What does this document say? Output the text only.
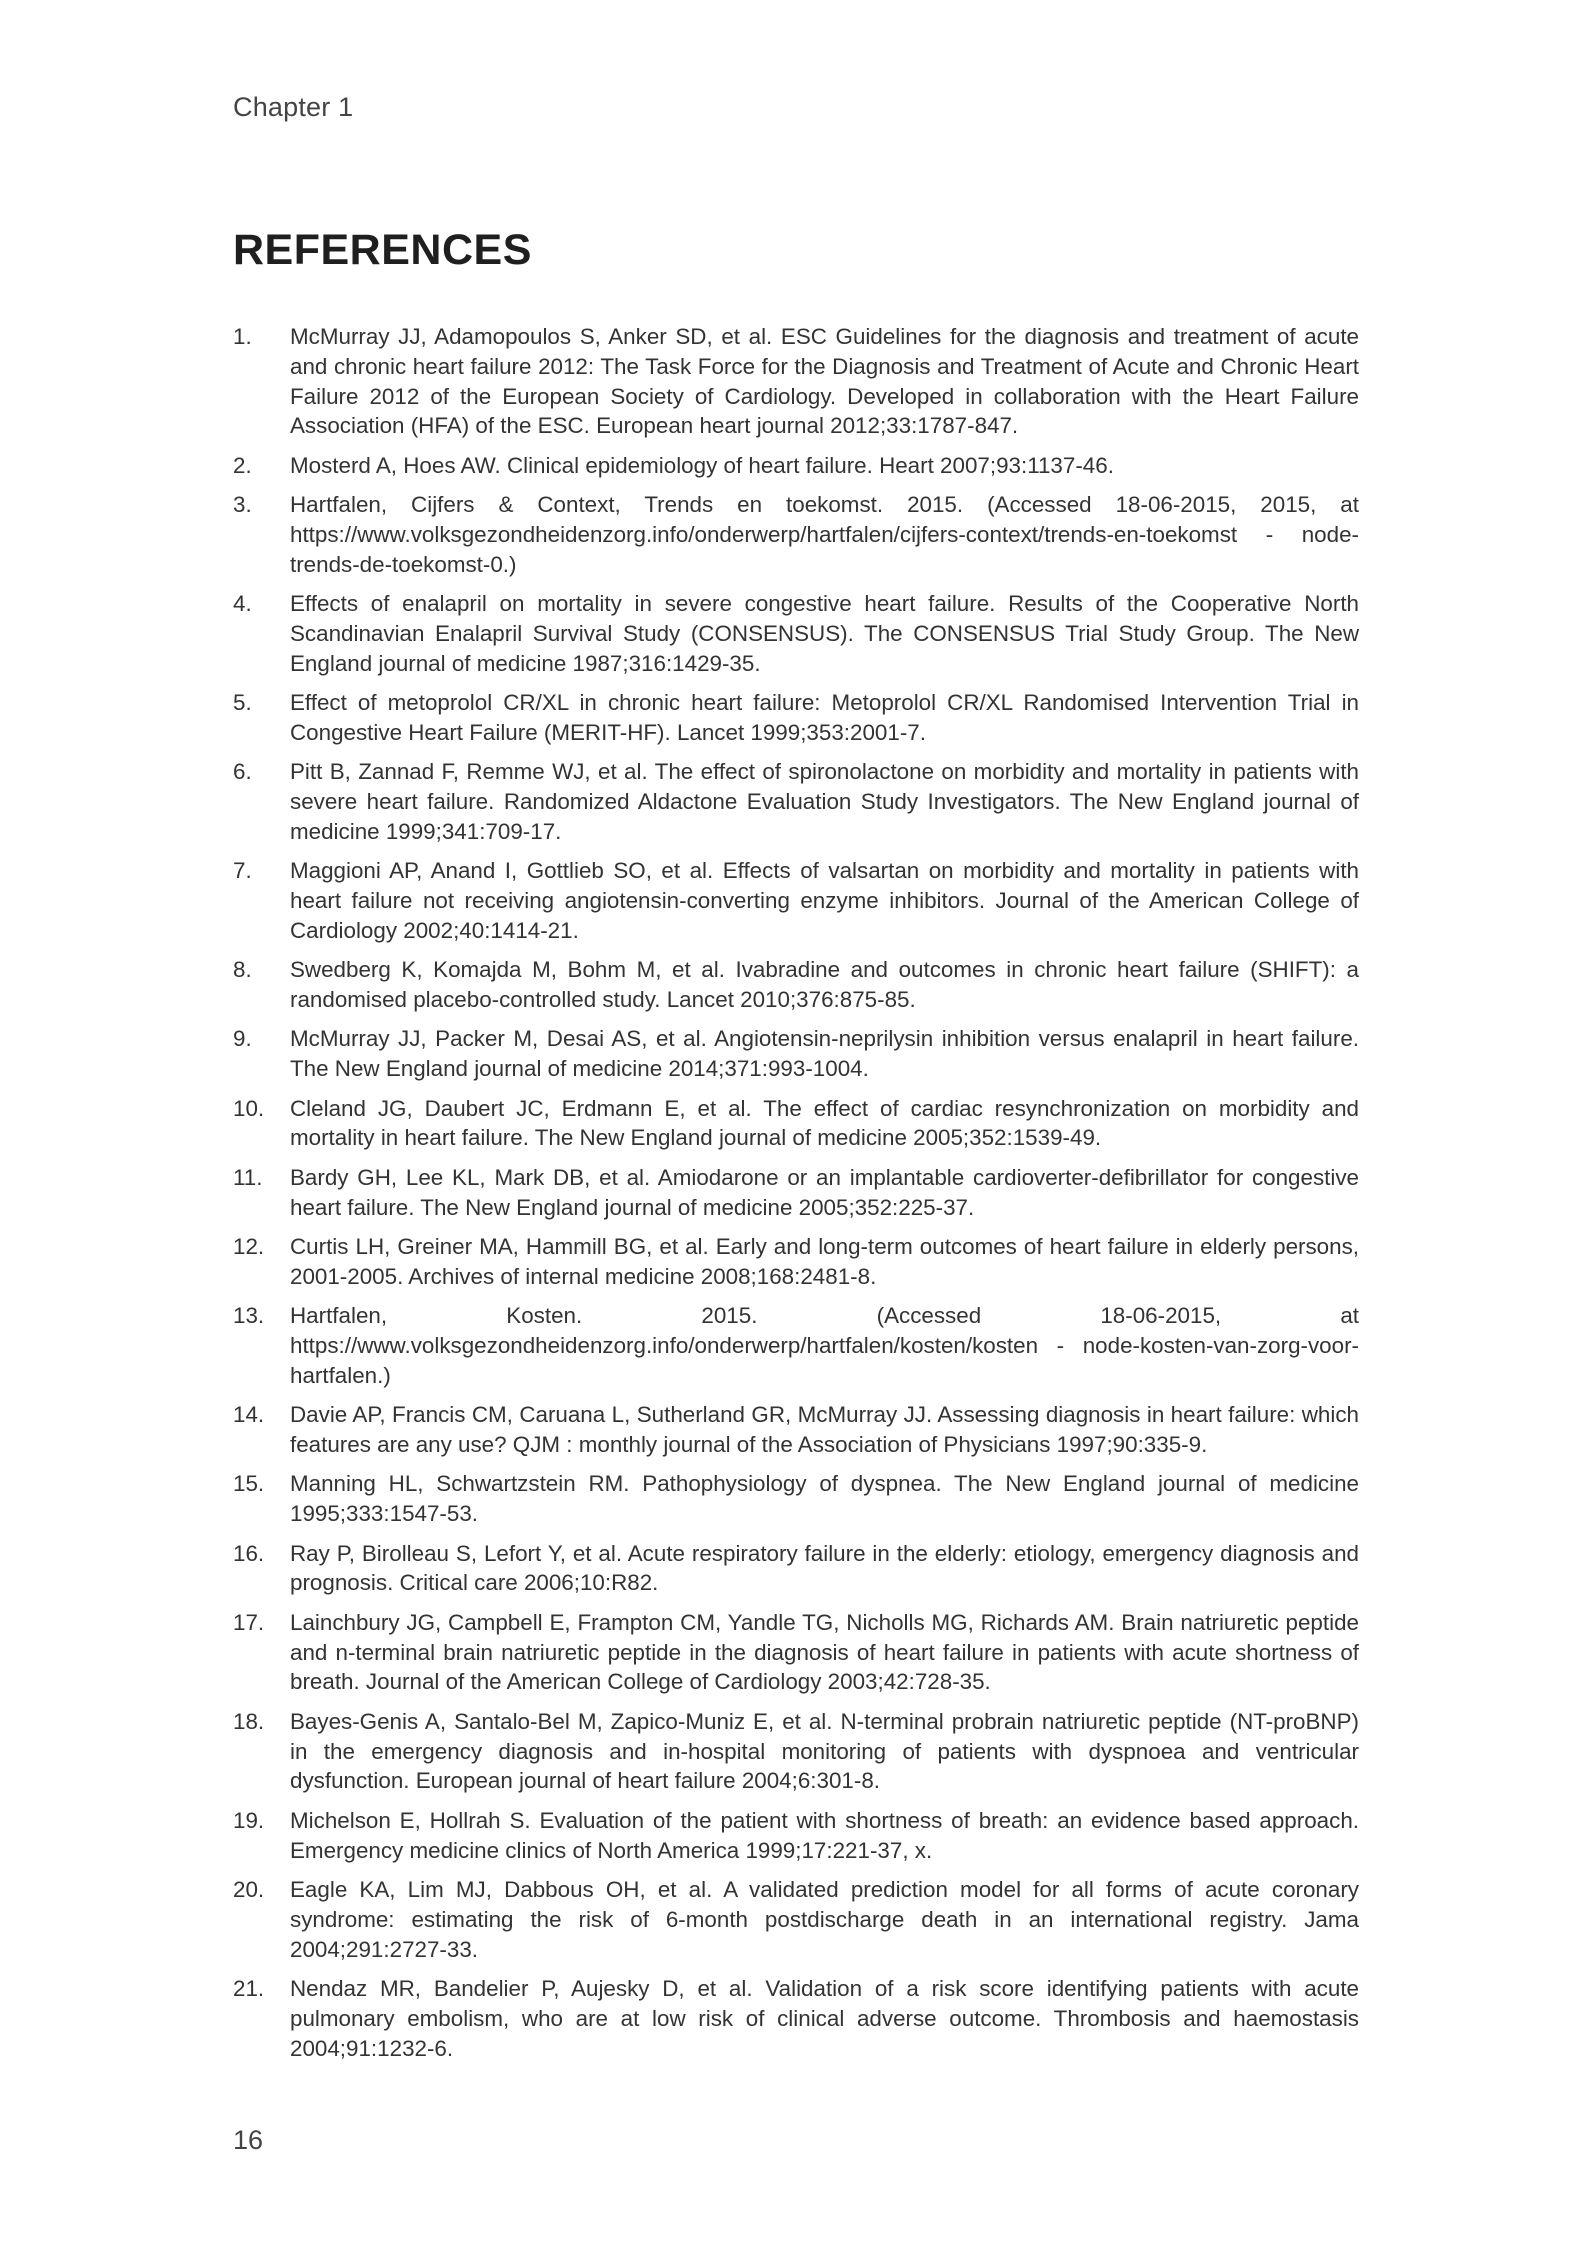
Chapter 1
REFERENCES
1.	McMurray JJ, Adamopoulos S, Anker SD, et al. ESC Guidelines for the diagnosis and treatment of acute and chronic heart failure 2012: The Task Force for the Diagnosis and Treatment of Acute and Chronic Heart Failure 2012 of the European Society of Cardiology. Developed in collaboration with the Heart Failure Association (HFA) of the ESC. European heart journal 2012;33:1787-847.
2.	Mosterd A, Hoes AW. Clinical epidemiology of heart failure. Heart 2007;93:1137-46.
3.	Hartfalen, Cijfers & Context, Trends en toekomst. 2015. (Accessed 18-06-2015, 2015, at https://www.volksgezondheidenzorg.info/onderwerp/hartfalen/cijfers-context/trends-en-toekomst - node-trends-de-toekomst-0.)
4.	Effects of enalapril on mortality in severe congestive heart failure. Results of the Cooperative North Scandinavian Enalapril Survival Study (CONSENSUS). The CONSENSUS Trial Study Group. The New England journal of medicine 1987;316:1429-35.
5.	Effect of metoprolol CR/XL in chronic heart failure: Metoprolol CR/XL Randomised Intervention Trial in Congestive Heart Failure (MERIT-HF). Lancet 1999;353:2001-7.
6.	Pitt B, Zannad F, Remme WJ, et al. The effect of spironolactone on morbidity and mortality in patients with severe heart failure. Randomized Aldactone Evaluation Study Investigators. The New England journal of medicine 1999;341:709-17.
7.	Maggioni AP, Anand I, Gottlieb SO, et al. Effects of valsartan on morbidity and mortality in patients with heart failure not receiving angiotensin-converting enzyme inhibitors. Journal of the American College of Cardiology 2002;40:1414-21.
8.	Swedberg K, Komajda M, Bohm M, et al. Ivabradine and outcomes in chronic heart failure (SHIFT): a randomised placebo-controlled study. Lancet 2010;376:875-85.
9.	McMurray JJ, Packer M, Desai AS, et al. Angiotensin-neprilysin inhibition versus enalapril in heart failure. The New England journal of medicine 2014;371:993-1004.
10.	Cleland JG, Daubert JC, Erdmann E, et al. The effect of cardiac resynchronization on morbidity and mortality in heart failure. The New England journal of medicine 2005;352:1539-49.
11.	Bardy GH, Lee KL, Mark DB, et al. Amiodarone or an implantable cardioverter-defibrillator for congestive heart failure. The New England journal of medicine 2005;352:225-37.
12.	Curtis LH, Greiner MA, Hammill BG, et al. Early and long-term outcomes of heart failure in elderly persons, 2001-2005. Archives of internal medicine 2008;168:2481-8.
13.	Hartfalen, Kosten. 2015. (Accessed 18-06-2015, at https://www.volksgezondheidenzorg.info/onderwerp/hartfalen/kosten/kosten - node-kosten-van-zorg-voor-hartfalen.)
14.	Davie AP, Francis CM, Caruana L, Sutherland GR, McMurray JJ. Assessing diagnosis in heart failure: which features are any use? QJM : monthly journal of the Association of Physicians 1997;90:335-9.
15.	Manning HL, Schwartzstein RM. Pathophysiology of dyspnea. The New England journal of medicine 1995;333:1547-53.
16.	Ray P, Birolleau S, Lefort Y, et al. Acute respiratory failure in the elderly: etiology, emergency diagnosis and prognosis. Critical care 2006;10:R82.
17.	Lainchbury JG, Campbell E, Frampton CM, Yandle TG, Nicholls MG, Richards AM. Brain natriuretic peptide and n-terminal brain natriuretic peptide in the diagnosis of heart failure in patients with acute shortness of breath. Journal of the American College of Cardiology 2003;42:728-35.
18.	Bayes-Genis A, Santalo-Bel M, Zapico-Muniz E, et al. N-terminal probrain natriuretic peptide (NT-proBNP) in the emergency diagnosis and in-hospital monitoring of patients with dyspnoea and ventricular dysfunction. European journal of heart failure 2004;6:301-8.
19.	Michelson E, Hollrah S. Evaluation of the patient with shortness of breath: an evidence based approach. Emergency medicine clinics of North America 1999;17:221-37, x.
20.	Eagle KA, Lim MJ, Dabbous OH, et al. A validated prediction model for all forms of acute coronary syndrome: estimating the risk of 6-month postdischarge death in an international registry. Jama 2004;291:2727-33.
21.	Nendaz MR, Bandelier P, Aujesky D, et al. Validation of a risk score identifying patients with acute pulmonary embolism, who are at low risk of clinical adverse outcome. Thrombosis and haemostasis 2004;91:1232-6.
16
